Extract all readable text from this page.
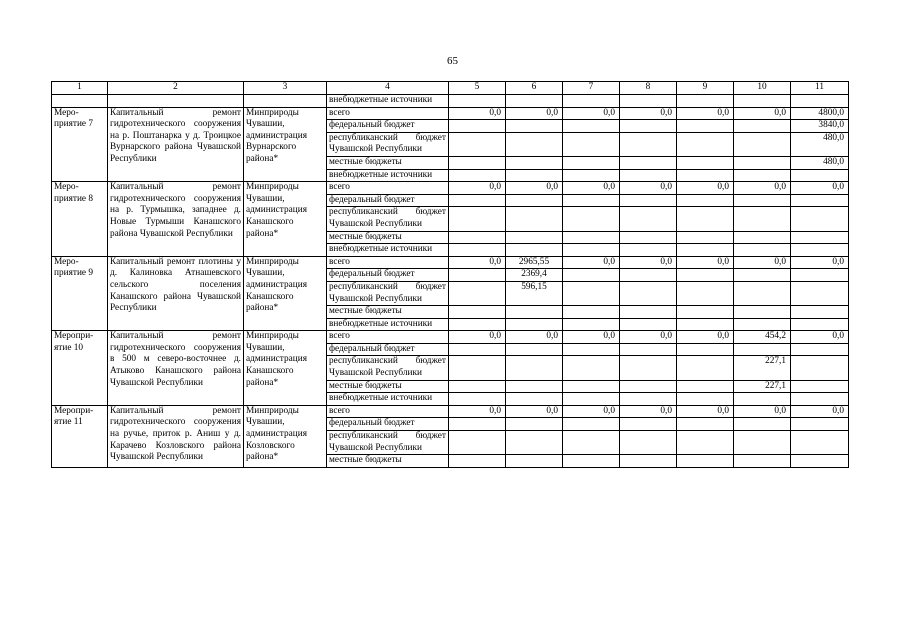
65
1	2	3	4	5	6	7	8	9	10	11
			внебюджетные источники							
Меро-приятие 7	Капитальный ремонт гидротехнического сооружения на р. Поштанарка у д. Троицкое Вурнарского района Чувашской Республики	Минприроды Чувашии, администрация Вурнарского района*	всего	0,0	0,0	0,0	0,0	0,0	0,0	4800,0
			федеральный бюджет							3840,0
			республиканский бюджет Чувашской Республики							480,0
			местные бюджеты							480,0
			внебюджетные источники							
Меро-приятие 8	Капитальный ремонт гидротехнического сооружения на р. Турмышка, западнее д. Новые Турмыши Канашского района Чувашской Республики	Минприроды Чувашии, администрация Канашского района*	всего	0,0	0,0	0,0	0,0	0,0	0,0	0,0
			федеральный бюджет							
			республиканский бюджет Чувашской Республики							
			местные бюджеты							
			внебюджетные источники							
Меро-приятие 9	Капитальный ремонт плотины у д. Калиновка Атнашевского сельского поселения Канашского района Чувашской Республики	Минприроды Чувашии, администрация Канашского района*	всего	0,0	2965,55	0,0	0,0	0,0	0,0	0,0
			федеральный бюджет		2369,4					
			республиканский бюджет Чувашской Республики		596,15					
			местные бюджеты							
			внебюджетные источники							
Меропри-ятие 10	Капитальный ремонт гидротехнического сооружения в 500 м северо-восточнее д. Атыково Канашского района Чувашской Республики	Минприроды Чувашии, администрация Канашского района*	всего	0,0	0,0	0,0	0,0	0,0	454,2	0,0
			федеральный бюджет							
			республиканский бюджет Чувашской Республики						227,1	
			местные бюджеты						227,1	
			внебюджетные источники							
Меропри-ятие 11	Капитальный ремонт гидротехнического сооружения на ручье, приток р. Аниш у д. Карачево Козловского района Чувашской Республики	Минприроды Чувашии, администрация Козловского района*	всего	0,0	0,0	0,0	0,0	0,0	0,0	0,0
			федеральный бюджет							
			республиканский бюджет Чувашской Республики							
			местные бюджеты							
